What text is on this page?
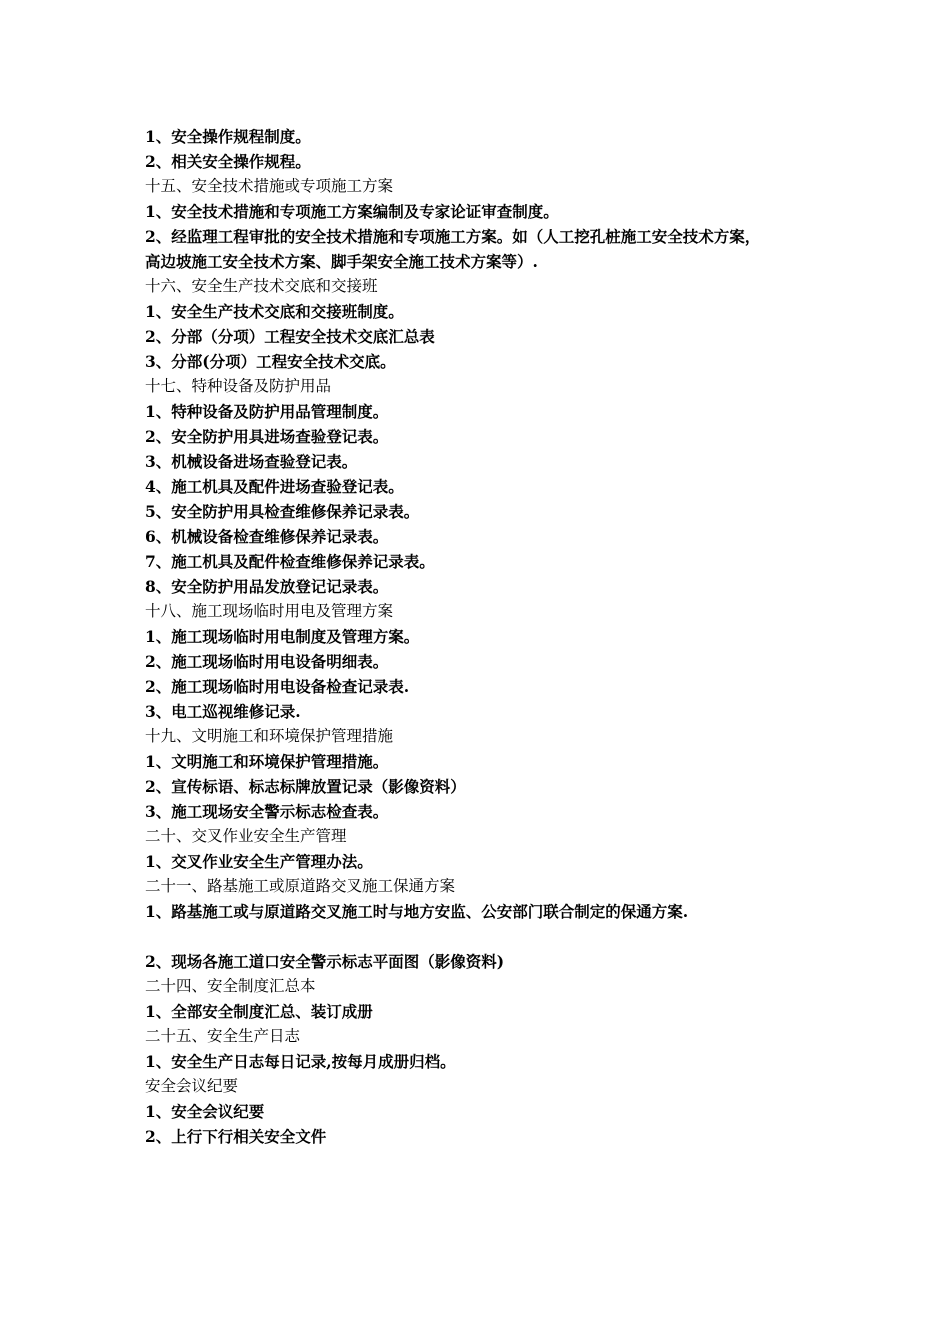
1、安全操作规程制度。
2、相关安全操作规程。
十五、安全技术措施或专项施工方案
1、安全技术措施和专项施工方案编制及专家论证审查制度。
2、经监理工程审批的安全技术措施和专项施工方案。如（人工挖孔桩施工安全技术方案，
高边坡施工安全技术方案、脚手架安全施工技术方案等）.
十六、安全生产技术交底和交接班
1、安全生产技术交底和交接班制度。
2、分部（分项）工程安全技术交底汇总表
3、分部(分项）工程安全技术交底。
十七、特种设备及防护用品
1、特种设备及防护用品管理制度。
2、安全防护用具进场查验登记表。
3、机械设备进场查验登记表。
4、施工机具及配件进场查验登记表。
5、安全防护用具检查维修保养记录表。
6、机械设备检查维修保养记录表。
7、施工机具及配件检查维修保养记录表。
8、安全防护用品发放登记记录表。
十八、施工现场临时用电及管理方案
1、施工现场临时用电制度及管理方案。
2、施工现场临时用电设备明细表。
2、施工现场临时用电设备检查记录表.
3、电工巡视维修记录.
十九、文明施工和环境保护管理措施
1、文明施工和环境保护管理措施。
2、宣传标语、标志标牌放置记录（影像资料）
3、施工现场安全警示标志检查表。
二十、交叉作业安全生产管理
1、交叉作业安全生产管理办法。
二十一、路基施工或原道路交叉施工保通方案
1、路基施工或与原道路交叉施工时与地方安监、公安部门联合制定的保通方案.
2、现场各施工道口安全警示标志平面图（影像资料)
二十四、安全制度汇总本
1、全部安全制度汇总、装订成册
二十五、安全生产日志
1、安全生产日志每日记录,按每月成册归档。
安全会议纪要
1、安全会议纪要
2、上行下行相关安全文件
